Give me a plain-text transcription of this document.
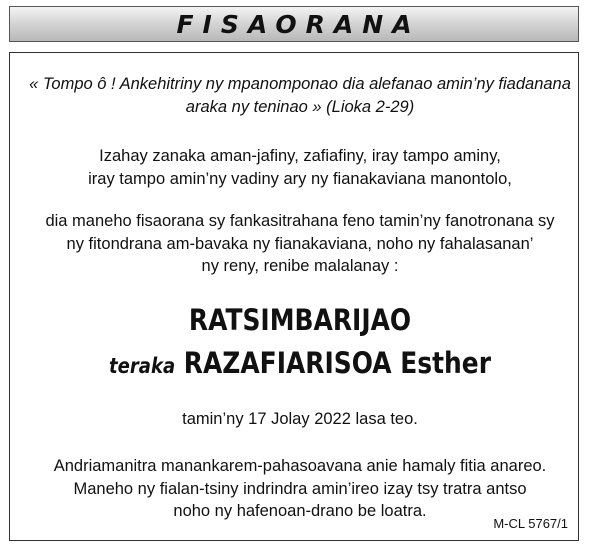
FISAORANA
« Tompo ô ! Ankehitriny ny mpanomponao dia alefanao amin’ny fiadanana
araka ny teninao » (Lioka 2-29)
Izahay zanaka aman-jafiny, zafiafiny, iray tampo aminy,
iray tampo amin’ny vadiny ary ny fianakaviana manontolo,
dia maneho fisaorana sy fankasitrahana feno tamin’ny fanotronana sy
ny fitondrana am-bavaka ny fianakaviana, noho ny fahalasanan’
ny reny, renibe malalanay :
RATSIMBARIJAO
teraka RAZAFIARISOA Esther
tamin’ny 17 Jolay 2022 lasa teo.
Andriamanitra manankarem-pahasoavana anie hamaly fitia anareo.
Maneho ny fialan-tsiny indrindra amin’ireo izay tsy tratra antso
noho ny hafenoan-drano be loatra.
M-CL 5767/1
